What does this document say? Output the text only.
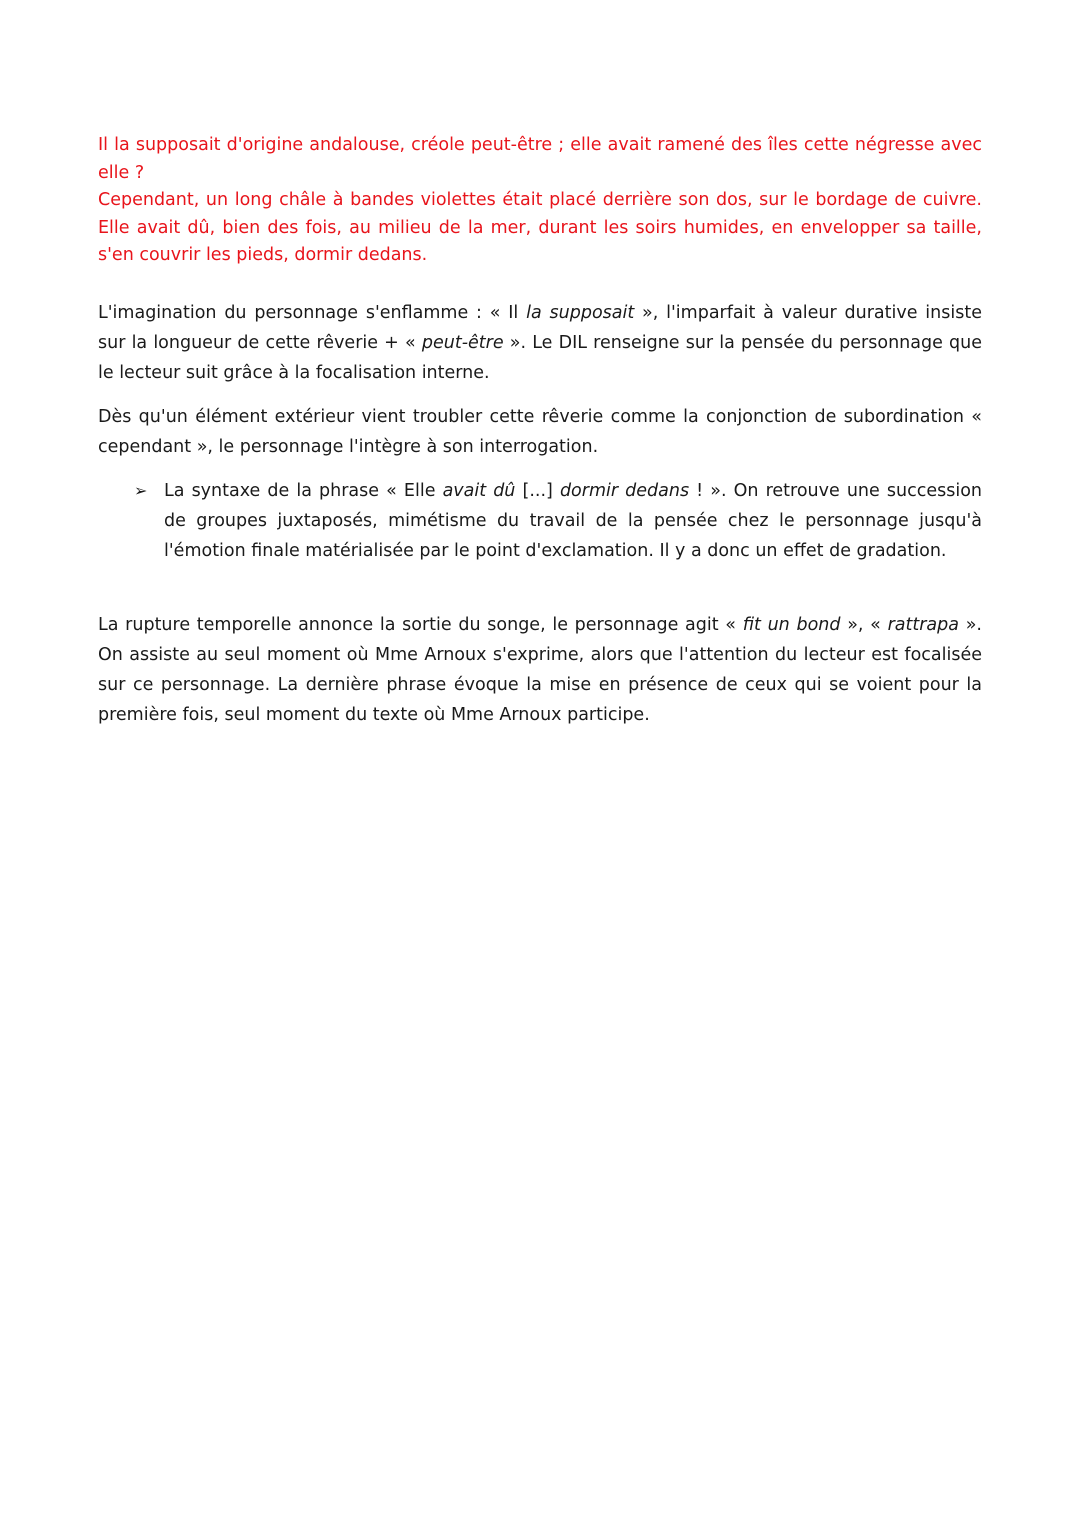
Il la supposait d'origine andalouse, créole peut-être ; elle avait ramené des îles cette négresse avec elle ?
Cependant, un long châle à bandes violettes était placé derrière son dos, sur le bordage de cuivre. Elle avait dû, bien des fois, au milieu de la mer, durant les soirs humides, en envelopper sa taille, s'en couvrir les pieds, dormir dedans.

L'imagination du personnage s'enflamme : « Il la supposait », l'imparfait à valeur durative insiste sur la longueur de cette rêverie + « peut-être ». Le DIL renseigne sur la pensée du personnage que le lecteur suit grâce à la focalisation interne.

Dès qu'un élément extérieur vient troubler cette rêverie comme la conjonction de subordination « cependant », le personnage l'intègre à son interrogation.

➢ La syntaxe de la phrase « Elle avait dû [...] dormir dedans ! ». On retrouve une succession de groupes juxtaposés, mimétisme du travail de la pensée chez le personnage jusqu'à l'émotion finale matérialisée par le point d'exclamation. Il y a donc un effet de gradation.

La rupture temporelle annonce la sortie du songe, le personnage agit « fit un bond », « rattrapa ». On assiste au seul moment où Mme Arnoux s'exprime, alors que l'attention du lecteur est focalisée sur ce personnage. La dernière phrase évoque la mise en présence de ceux qui se voient pour la première fois, seul moment du texte où Mme Arnoux participe.
